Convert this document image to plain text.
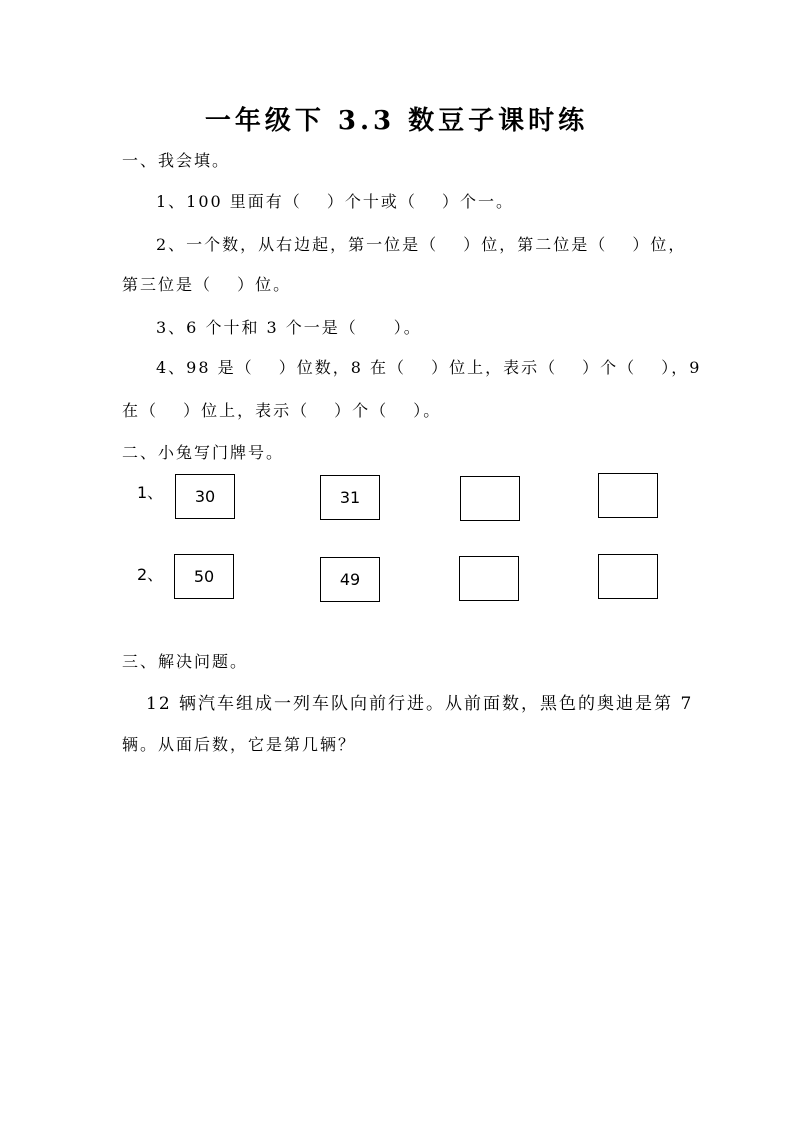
一年级下 3.3 数豆子课时练
一、我会填。
1、100 里面有（　 ）个十或（　 ）个一。
2、一个数，从右边起，第一位是（　 ）位，第二位是（　 ）位，
第三位是（　 ）位。
3、6 个十和 3 个一是（　　）。
4、98 是（　 ）位数，8 在（　 ）位上，表示（　 ）个（　 ），9
在（　 ）位上，表示（　 ）个（　 ）。
二、小兔写门牌号。
1、	30	31
2、	50	49
三、解决问题。
12 辆汽车组成一列车队向前行进。从前面数，黑色的奥迪是第 7
辆。从面后数，它是第几辆？
